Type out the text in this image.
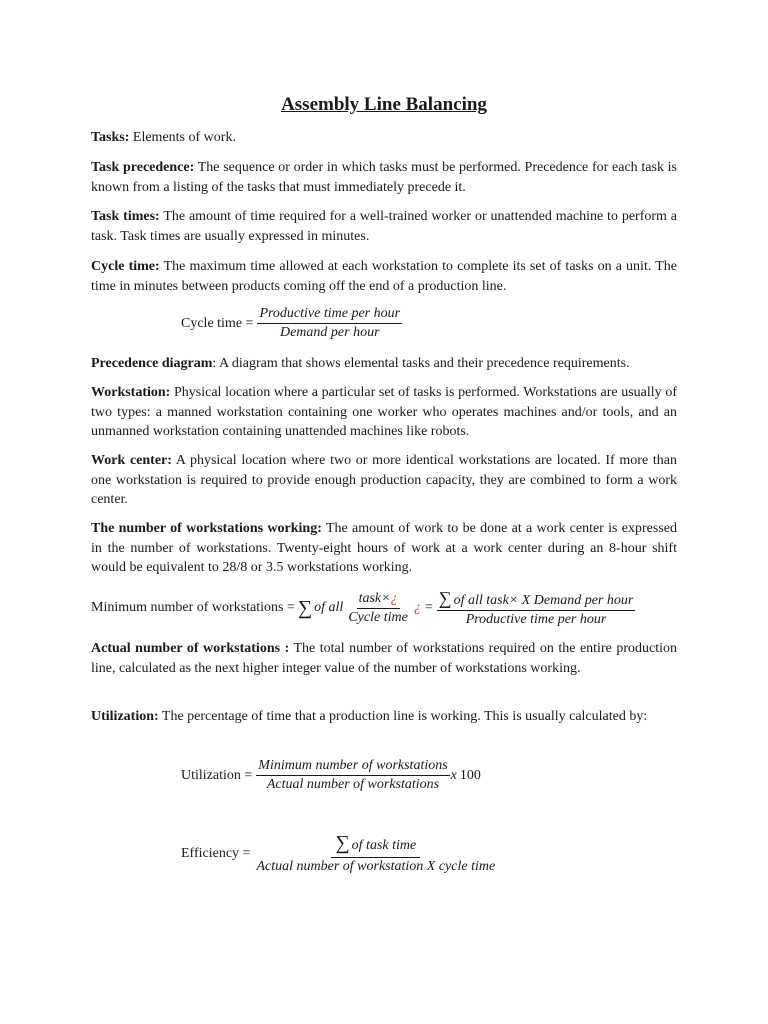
Assembly Line Balancing

Tasks: Elements of work.

Task precedence: The sequence or order in which tasks must be performed. Precedence for each task is known from a listing of the tasks that must immediately precede it.

Task times: The amount of time required for a well-trained worker or unattended machine to perform a task. Task times are usually expressed in minutes.

Cycle time: The maximum time allowed at each workstation to complete its set of tasks on a unit. The time in minutes between products coming off the end of a production line.

Cycle time = $\frac{\text{Productive time per hour}}{\text{Demand per hour}}$

Precedence diagram: A diagram that shows elemental tasks and their precedence requirements.

Workstation: Physical location where a particular set of tasks is performed. Workstations are usually of two types: a manned workstation containing one worker who operates machines and/or tools, and an unmanned workstation containing unattended machines like robots.

Work center: A physical location where two or more identical workstations are located. If more than one workstation is required to provide enough production capacity, they are combined to form a work center.

The number of workstations working: The amount of work to be done at a work center is expressed in the number of workstations. Twenty-eight hours of work at a work center during an 8-hour shift would be equivalent to 28/8 or 3.5 workstations working.

Minimum number of workstations = ∑ of all $\frac{\text{task×¿}}{\text{Cycle time}}$ ¿ = $\frac{\text{∑ of all task× X Demand per hour}}{\text{Productive time per hour}}$

Actual number of workstations : The total number of workstations required on the entire production line, calculated as the next higher integer value of the number of workstations working.

Utilization: The percentage of time that a production line is working. This is usually calculated by:

Utilization = $\frac{\text{Minimum number of workstations}}{\text{Actual number of workstations}}$ x 100
Efficiency = $\frac{\text{∑ of task time}}{\text{Actual number of workstation X cycle time}}$
